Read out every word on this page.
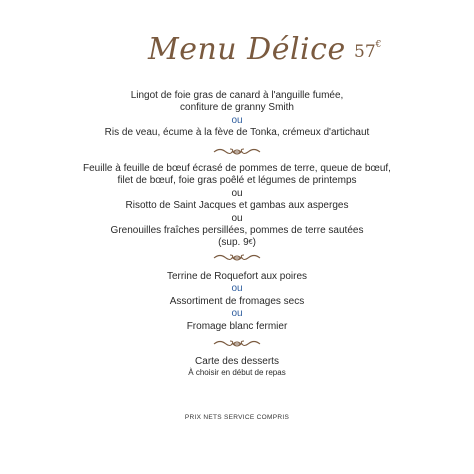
Menu Délice 57€
Lingot de foie gras de canard à l'anguille fumée,
confiture de granny Smith
ou
Ris de veau, écume à la fève de Tonka, crémeux d'artichaut
Feuille à feuille de bœuf écrasé de pommes de terre, queue de bœuf,
filet de bœuf, foie gras poêlé et légumes de printemps
ou
Risotto de Saint Jacques et gambas aux asperges
ou
Grenouilles fraîches persillées, pommes de terre sautées
(sup. 9€)
Terrine de Roquefort aux poires
ou
Assortiment de fromages secs
ou
Fromage blanc fermier
Carte des desserts
À choisir en début de repas
PRIX NETS SERVICE COMPRIS
